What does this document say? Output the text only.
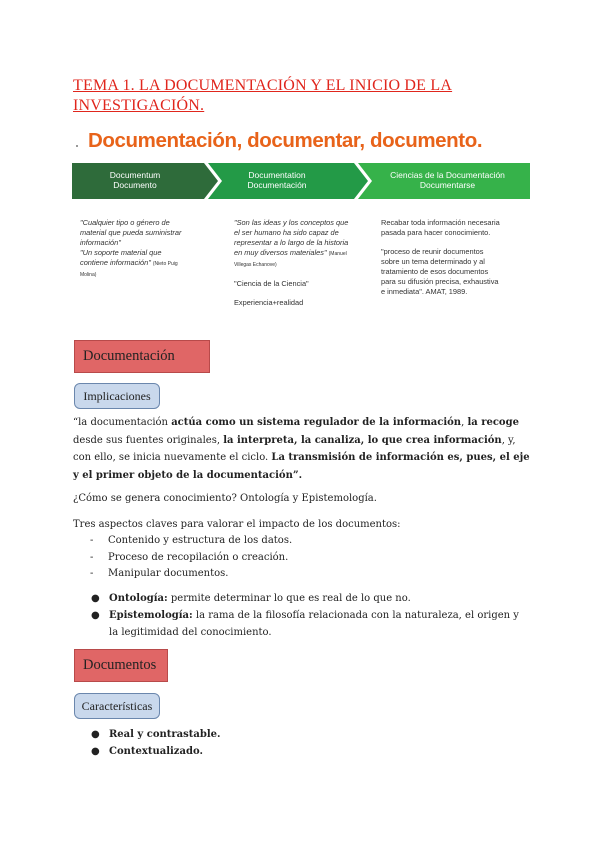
TEMA 1. LA DOCUMENTACIÓN Y EL INICIO DE LA
INVESTIGACIÓN.
Documentación, documentar, documento.
Documentum
Documento
Documentation
Documentación
Ciencias de la Documentación
Documentarse

"Cualquier tipo o género de material que pueda suministrar información"

"Un soporte material que contiene información" (Nieto Puig Molina)

"Son las ideas y los conceptos que el ser humano ha sido capaz de representar a lo largo de la historia en muy diversos materiales" (Manuel Villegas Echanove)

"Ciencia de la Ciencia"

Experiencia+realidad

Recabar toda información necesaria pasada para hacer conocimiento.

"proceso de reunir documentos sobre un tema determinado y al tratamiento de esos documentos para su difusión precisa, exhaustiva e inmediata". AMAT, 1989.

Documentación
Implicaciones
“la documentación actúa como un sistema regulador de la información, la recoge desde sus fuentes originales, la interpreta, la canaliza, lo que crea información, y, con ello, se inicia nuevamente el ciclo. La transmisión de información es, pues, el eje y el primer objeto de la documentación”.
¿Cómo se genera conocimiento? Ontología y Epistemología.
Tres aspectos claves para valorar el impacto de los documentos:
- Contenido y estructura de los datos.
- Proceso de recopilación o creación.
- Manipular documentos.
● Ontología: permite determinar lo que es real de lo que no.
● Epistemología: la rama de la filosofía relacionada con la naturaleza, el origen y la legitimidad del conocimiento.
Documentos
Características
● Real y contrastable.
● Contextualizado.
